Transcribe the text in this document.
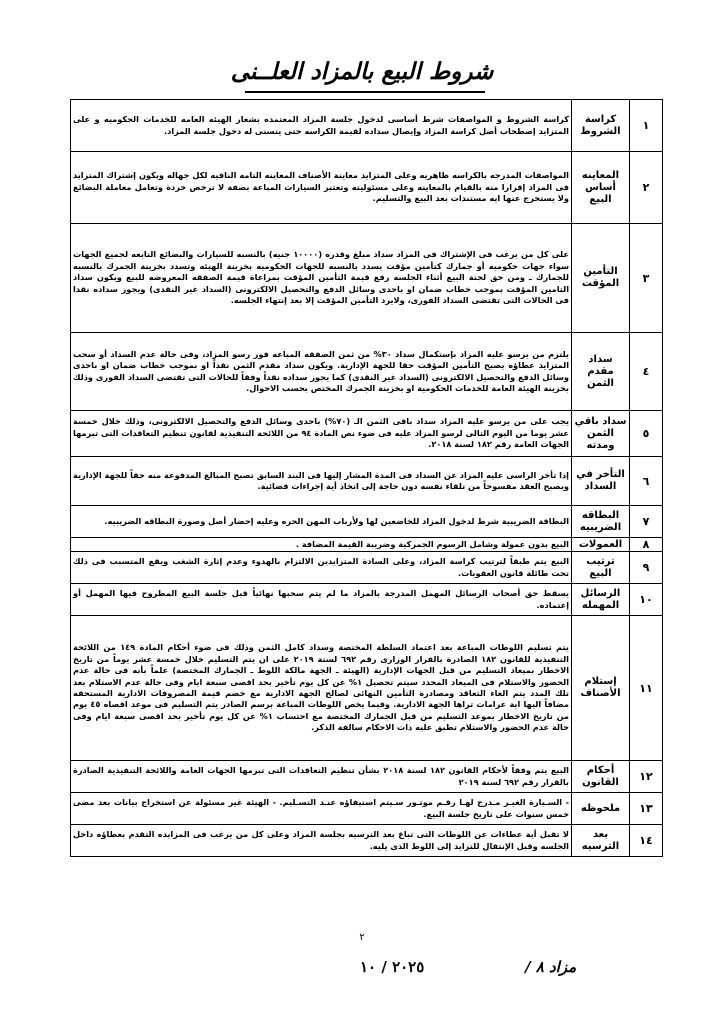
شروط البيع بالمزاد العلــنى
١	كراسة الشروط	كراسة الشروط و المواصفات شرط أساسى لدخول جلسة المزاد المعتمده بشعار الهيئه العامه للخدمات الحكوميه و على المتزايد إصطحاب أصل كراسة المزاد وإيصال سداده لقيمة الكراسه حتى يتسنى له دخول جلسة المزاد.
٢	المعاينه أساس البيع	المواصفات المدرجه بالكراسه ظاهريه وعلى المتزايد معاينة الأصناف المعاينه التامه النافيه لكل جهاله ويكون إشتراك المتزايد فى المزاد إقرارا منه بالقيام بالمعاينه وعلى مسئوليته وتعتبر السيارات المباعة بصفة لا ترخص خردة وتعامل معاملة البضائع ولا يستخرج عنها ايه مستندات بعد البيع والتسليم.
٣	التأمين المؤقت	على كل من يرغب فى الإشتراك فى المزاد سداد مبلغ وقدره (١٠٠٠٠ جنيه) بالنسبه للسيارات والبضائع التابعه لجميع الجهات سواء جهات حكوميه أو جمارك كتأمين مؤقت يسدد بالنسبه للجهات الحكوميه بخزينة الهيئه وتسدد بخزينة الجمرك بالنسبه للجمارك ـ ومن حق لجنة البيع أثناء الجلسه رفع قيمة التأمين المؤقت بمراعاة قيمة الصفقه المعروضه للبيع ويكون سداد التامين المؤقت بموجب خطاب ضمان او باحدى وسائل الدفع والتحصيل الالكترونى (السداد غير النقدى) ويجوز سداده نقدا فى الحالات التى تقتضى السداد الفورى، ولايرد التأمين المؤقت إلا بعد إنتهاء الجلسه.
٤	سداد مقدم الثمن	يلتزم من يرسو عليه المزاد بإستكمال سداد ٣٠% من ثمن الصفقه المباعه فور رسو المزاد، وفى حالة عدم السداد أو سحب المتزايد عطاؤه يصبح التأمين المؤقت حقا للجهة الإدارية. ويكون سداد مقدم الثمن نقداً او بموجب خطاب ضمان او باحدى وسائل الدفع والتحصيل الالكترونى (السداد غير النقدى) كما يجوز سداده نقداً وفقاً للحالات التى تقتضى السداد الفورى وذلك بخزينة الهيئة العامة للخدمات الحكومية او بخزينة الجمرك المختص بحسب الاحوال.
٥	سداد باقي الثمن ومدته	يجب على من يرسو عليه المزاد سداد باقى الثمن الـ (٧٠%) باحدى وسائل الدفع والتحصيل الالكترونى، وذلك خلال خمسة عشر يوما من اليوم التالى لرسو المزاد عليه فى ضوء نص المادة ٩٤ من اللائحة التنفيذية لقانون تنظيم التعاقدات التى تبرمها الجهات العامة رقم ١٨٢ لسنة ٢٠١٨.
٦	التأخر في السداد	إذا تأخر الراسى عليه المزاد عن السداد فى المدة المشار إليها فى البند السابق تصبح المبالغ المدفوعة منه حقاً للجهة الإدارية ويصبح العقد مفسوخاً من تلقاء نفسه دون حاجة إلى اتخاذ أية إجراءات قضائية.
٧	البطاقه الضريبيه	البطاقة الضريبية شرط لدخول المزاد للخاضعين لها ولأرباب المهن الحره وعليه إحضار أصل وصورة البطاقه الضريبيه.
٨	العمولات	البيع بدون عمولة وشامل الرسوم الجمركية وضريبة القيمة المضافة .
٩	ترتيب البيع	البيع يتم طبقاً لترتيب كراسة المزاد، وعلى السادة المتزايدين الالتزام بالهدوء وعدم إثارة الشغب ويقع المتسبب فى ذلك تحت طائلة قانون العقوبات.
١٠	الرسائل المهمله	يسقط حق أصحاب الرسائل المهمل المدرجة بالمزاد ما لم يتم سحبها نهائياً قبل جلسة البيع المطروح فيها المهمل أو إعتماده.
١١	إستلام الأصناف	يتم تسليم اللوطات المباعة بعد اعتماد السلطة المختصة وسداد كامل الثمن وذلك فى ضوء أحكام المادة ١٤٩ من اللائحة التنفيذية للقانون ١٨٢ الصادرة بالقرار الوزارى رقم ٦٩٢ لسنة ٢٠١٩ على ان يتم التسليم خلال خمسة عشر يوماً من تاريخ الاخطار بميعاد التسليم من قبل الجهات الإدارية (الهيئة ـ الجهة مالكة اللوط ـ الجمارك المختصة) علماً بأنه فى حالة عدم الحضور والاستلام فى الميعاد المحدد سيتم تحصيل ١% عن كل يوم تأخير بحد اقصى سبعة ايام وفى حالة عدم الاستلام بعد تلك المدد يتم الغاء التعاقد ومصادرة التأمين النهائى لصالح الجهة الادارية مع خصم قيمة المصروفات الادارية المستحقه مضافاً اليها اية غرامات تراها الجهة الادارية. وفيما يخص اللوطات المباعة برسم الصادر يتم التسليم فى موعد اقصاه ٤٥ يوم من تاريخ الاخطار بموعد التسليم من قبل الجمارك المختصة مع احتساب ١% عن كل يوم تأخير بحد اقصى سبعة ايام وفى حالة عدم الحضور والاستلام تطبق عليه ذات الاحكام سالفة الذكر.
١٢	أحكام القانون	البيع يتم وفقاً لأحكام القانون ١٨٢ لسنة ٢٠١٨ بشأن تنظيم التعاقدات التى تبرمها الجهات العامة واللائحة التنفيذية الصادرة بالقرار رقم ٦٩٢ لسنة ٢٠١٩
١٣	ملحوظه	- السـيارة الغيـر مـدرج لهـا رقـم موتـور سـيتم استيفاؤه عنـد التسـليم. - الهيئة غير مسئولة عن استخراج بيانات بعد مضى خمس سنوات على تاريخ جلسة البيع.
١٤	بعد الترسيه	لا تقبل أية عطاءات عن اللوطات التى تباع بعد الترسيه بجلسة المزاد وعلى كل من يرغب فى المزايده التقدم بعطاؤه داخل الجلسه وقبل الإنتقال للتزايد إلى اللوط الذى يليه.
٢
مزاد ٨ /
٢٠٢٥ / ١٠
